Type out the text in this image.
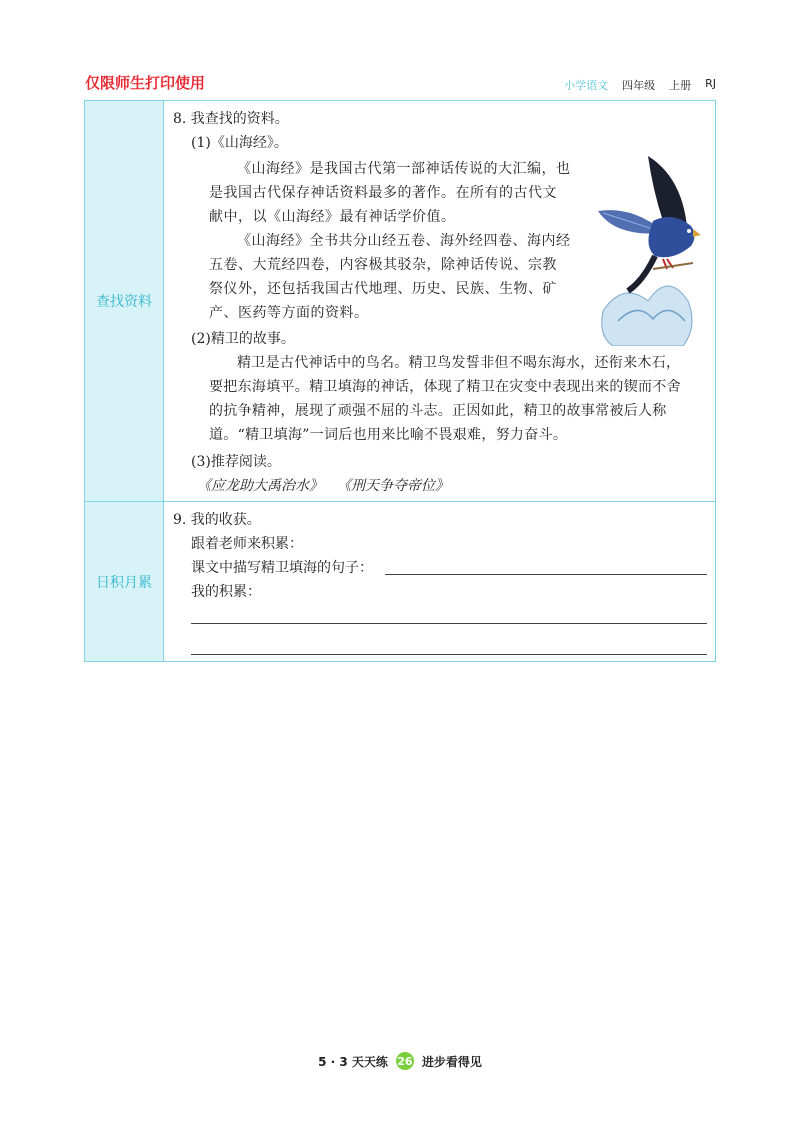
仅限师生打印使用	小学语文 四年级 上册 RJ
查找资料
8. 我查找的资料。
(1)《山海经》。
《山海经》是我国古代第一部神话传说的大汇编，也是我国古代保存神话资料最多的著作。在所有的古代文献中，以《山海经》最有神话学价值。
《山海经》全书共分山经五卷、海外经四卷、海内经五卷、大荒经四卷，内容极其驳杂，除神话传说、宗教祭仪外，还包括我国古代地理、历史、民族、生物、矿产、医药等方面的资料。
(2)精卫的故事。
精卫是古代神话中的鸟名。精卫鸟发誓非但不喝东海水，还衔来木石，要把东海填平。精卫填海的神话，体现了精卫在灾变中表现出来的锲而不舍的抗争精神，展现了顽强不屈的斗志。正因如此，精卫的故事常被后人称道。“精卫填海”一词后也用来比喻不畏艰难，努力奋斗。
(3)推荐阅读。
《应龙助大禹治水》 《刑天争夺帝位》
日积月累
9. 我的收获。
跟着老师来积累：
课文中描写精卫填海的句子：
我的积累：
5 · 3 天天练 26 进步看得见
